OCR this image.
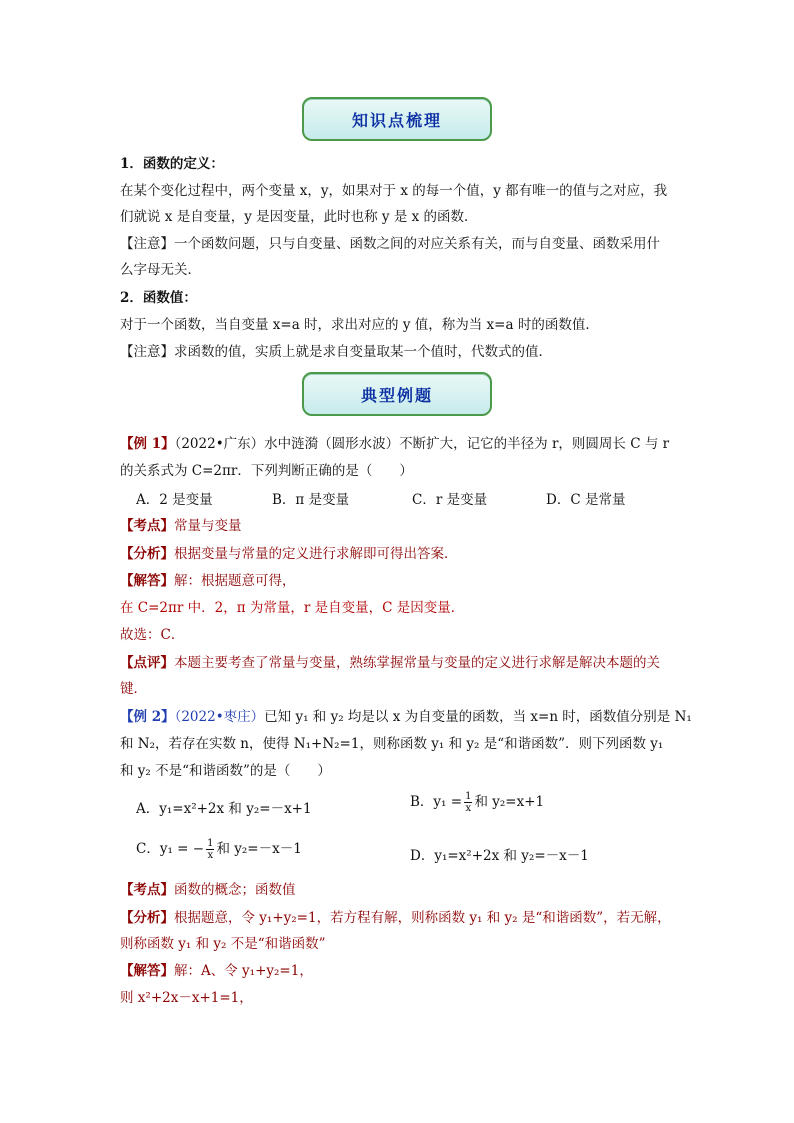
知识点梳理
1．函数的定义：
在某个变化过程中，两个变量 x，y，如果对于 x 的每一个值，y 都有唯一的值与之对应，我
们就说 x 是自变量，y 是因变量，此时也称 y 是 x 的函数．
【注意】一个函数问题，只与自变量、函数之间的对应关系有关，而与自变量、函数采用什
么字母无关．
2．函数值：
对于一个函数，当自变量 x=a 时，求出对应的 y 值，称为当 x=a 时的函数值．
【注意】求函数的值，实质上就是求自变量取某一个值时，代数式的值．
典型例题
【例 1】（2022•广东）水中涟漪（圆形水波）不断扩大，记它的半径为 r，则圆周长 C 与 r
的关系式为 C=2πr．下列判断正确的是（　　）
A．2 是变量	B．π 是变量	C．r 是变量	D．C 是常量
【考点】常量与变量
【分析】根据变量与常量的定义进行求解即可得出答案．
【解答】解：根据题意可得，
在 C=2πr 中．2，π 为常量，r 是自变量，C 是因变量．
故选：C．
【点评】本题主要考查了常量与变量，熟练掌握常量与变量的定义进行求解是解决本题的关
键．
【例 2】（2022•枣庄）已知 y₁ 和 y₂ 均是以 x 为自变量的函数，当 x=n 时，函数值分别是 N₁
和 N₂，若存在实数 n，使得 N₁+N₂=1，则称函数 y₁ 和 y₂ 是“和谐函数”．则下列函数 y₁
和 y₂ 不是“和谐函数”的是（　　）
A．y₁=x²+2x 和 y₂=－x+1	B．$y_1 = \frac{1}{x}$ 和 y₂=x+1
C．y₁ = − $\frac{1}{x}$ 和 y₂=－x－1	D．y₁=x²+2x 和 y₂=－x－1
【考点】函数的概念；函数值
【分析】根据题意，令 y₁+y₂=1，若方程有解，则称函数 y₁ 和 y₂ 是“和谐函数”，若无解，
则称函数 y₁ 和 y₂ 不是“和谐函数”
【解答】解：A、令 y₁+y₂=1，
则 x²+2x－x+1=1，
